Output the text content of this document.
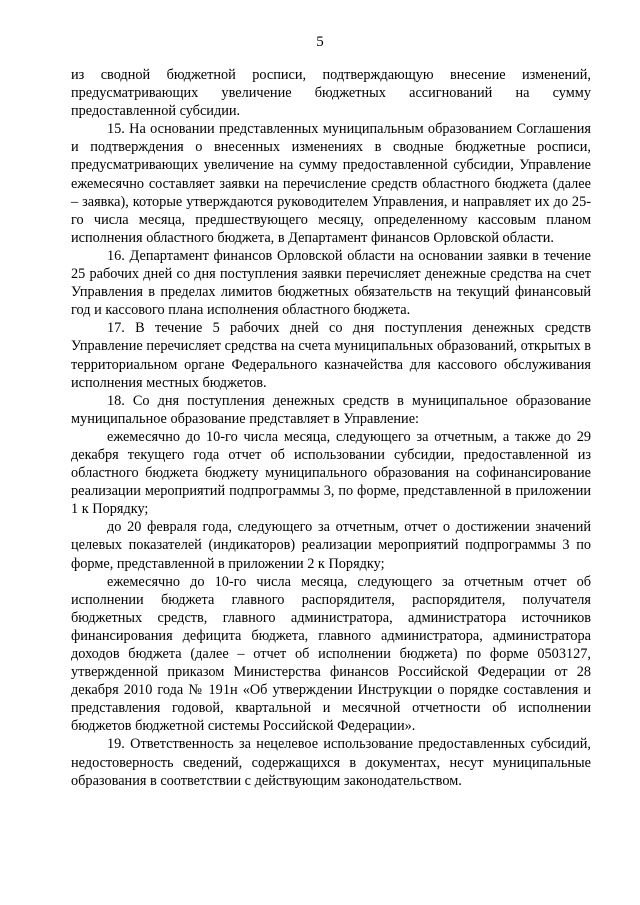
5

из сводной бюджетной росписи, подтверждающую внесение изменений, предусматривающих увеличение бюджетных ассигнований на сумму предоставленной субсидии.

15. На основании представленных муниципальным образованием Соглашения и подтверждения о внесенных изменениях в сводные бюджетные росписи, предусматривающих увеличение на сумму предоставленной субсидии, Управление ежемесячно составляет заявки на перечисление средств областного бюджета (далее – заявка), которые утверждаются руководителем Управления, и направляет их до 25-го числа месяца, предшествующего месяцу, определенному кассовым планом исполнения областного бюджета, в Департамент финансов Орловской области.

16. Департамент финансов Орловской области на основании заявки в течение 25 рабочих дней со дня поступления заявки перечисляет денежные средства на счет Управления в пределах лимитов бюджетных обязательств на текущий финансовый год и кассового плана исполнения областного бюджета.

17. В течение 5 рабочих дней со дня поступления денежных средств Управление перечисляет средства на счета муниципальных образований, открытых в территориальном органе Федерального казначейства для кассового обслуживания исполнения местных бюджетов.

18. Со дня поступления денежных средств в муниципальное образование муниципальное образование представляет в Управление:

ежемесячно до 10-го числа месяца, следующего за отчетным, а также до 29 декабря текущего года отчет об использовании субсидии, предоставленной из областного бюджета бюджету муниципального образования на софинансирование реализации мероприятий подпрограммы 3, по форме, представленной в приложении 1 к Порядку;

до 20 февраля года, следующего за отчетным, отчет о достижении значений целевых показателей (индикаторов) реализации мероприятий подпрограммы 3 по форме, представленной в приложении 2 к Порядку;

ежемесячно до 10-го числа месяца, следующего за отчетным отчет об исполнении бюджета главного распорядителя, распорядителя, получателя бюджетных средств, главного администратора, администратора источников финансирования дефицита бюджета, главного администратора, администратора доходов бюджета (далее – отчет об исполнении бюджета) по форме 0503127, утвержденной приказом Министерства финансов Российской Федерации от 28 декабря 2010 года № 191н «Об утверждении Инструкции о порядке составления и представления годовой, квартальной и месячной отчетности об исполнении бюджетов бюджетной системы Российской Федерации».

19. Ответственность за нецелевое использование предоставленных субсидий, недостоверность сведений, содержащихся в документах, несут муниципальные образования в соответствии с действующим законодательством.
